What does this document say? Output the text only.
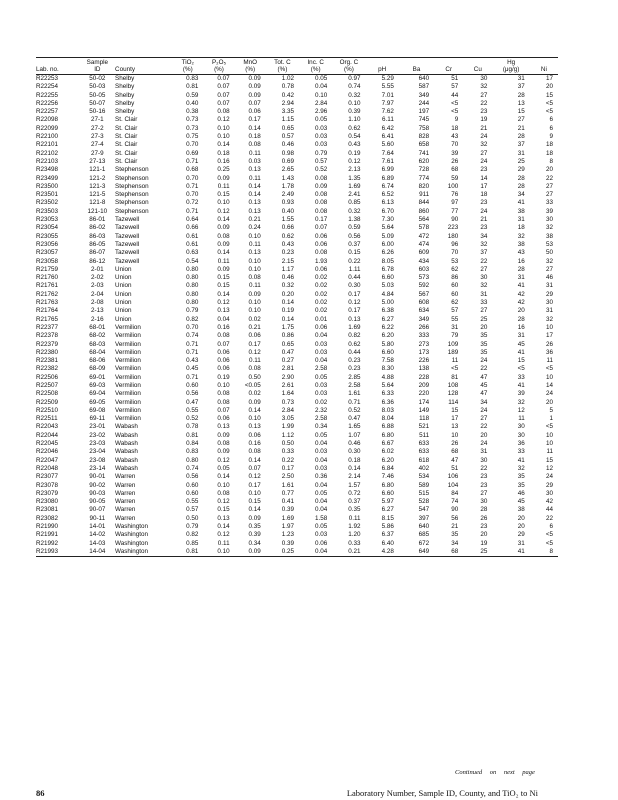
	Sample		TiO₂	P₂O₅	MnO	Tot. C	Inc. C	Org. C					Hg	
Lab. no.	ID	County	(%)	(%)	(%)	(%)	(%)	(%)	pH	Ba	Cr	Cu	(μg/g)	Ni
R22253	50-02	Shelby	0.83	0.07	0.09	1.02	0.05	0.97	5.29	640	51	30	31	17
R22254	50-03	Shelby	0.81	0.07	0.09	0.78	0.04	0.74	5.55	587	57	32	37	20
R22255	50-05	Shelby	0.59	0.07	0.09	0.42	0.10	0.32	7.01	349	44	27	28	15
R22256	50-07	Shelby	0.40	0.07	0.07	2.94	2.84	0.10	7.97	244	<5	22	13	<5
R22257	50-16	Shelby	0.38	0.08	0.06	3.35	2.96	0.39	7.62	197	<5	23	15	<5
R22098	27-1	St. Clair	0.73	0.12	0.17	1.15	0.05	1.10	6.11	745	9	19	27	6
R22099	27-2	St. Clair	0.73	0.10	0.14	0.65	0.03	0.62	6.42	758	18	21	21	6
R22100	27-3	St. Clair	0.75	0.10	0.18	0.57	0.03	0.54	6.41	828	43	24	28	9
R22101	27-4	St. Clair	0.70	0.14	0.08	0.46	0.03	0.43	5.60	658	70	32	37	18
R22102	27-9	St. Clair	0.69	0.18	0.11	0.98	0.79	0.19	7.64	741	39	27	31	18
R22103	27-13	St. Clair	0.71	0.16	0.03	0.69	0.57	0.12	7.61	620	26	24	25	8
R23498	121-1	Stephenson	0.68	0.25	0.13	2.65	0.52	2.13	6.99	728	68	23	29	20
R23499	121-2	Stephenson	0.70	0.09	0.11	1.43	0.08	1.35	6.89	774	59	14	28	22
R23500	121-3	Stephenson	0.71	0.11	0.14	1.78	0.09	1.69	6.74	820	100	17	28	27
R23501	121-5	Stephenson	0.70	0.15	0.14	2.49	0.08	2.41	6.52	911	76	18	34	27
R23502	121-8	Stephenson	0.72	0.10	0.13	0.93	0.08	0.85	6.13	844	97	23	41	33
R23503	121-10	Stephenson	0.71	0.12	0.13	0.40	0.08	0.32	6.70	860	77	24	38	39
R23053	86-01	Tazewell	0.64	0.14	0.21	1.55	0.17	1.38	7.30	564	90	21	31	30
R23054	86-02	Tazewell	0.66	0.09	0.24	0.66	0.07	0.59	5.64	578	223	23	18	32
R23055	86-03	Tazewell	0.61	0.08	0.10	0.62	0.06	0.56	5.09	472	180	34	32	38
R23056	86-05	Tazewell	0.61	0.09	0.11	0.43	0.06	0.37	6.00	474	96	32	38	53
R23057	86-07	Tazewell	0.63	0.14	0.13	0.23	0.08	0.15	6.26	609	70	37	43	50
R23058	86-12	Tazewell	0.54	0.11	0.10	2.15	1.93	0.22	8.05	434	53	22	16	32
R21759	2-01	Union	0.80	0.09	0.10	1.17	0.06	1.11	6.78	603	62	27	28	27
R21760	2-02	Union	0.80	0.15	0.08	0.46	0.02	0.44	6.60	573	86	30	31	46
R21761	2-03	Union	0.80	0.15	0.11	0.32	0.02	0.30	5.03	592	60	32	41	31
R21762	2-04	Union	0.80	0.14	0.09	0.20	0.02	0.17	4.84	567	60	31	42	29
R21763	2-08	Union	0.80	0.12	0.10	0.14	0.02	0.12	5.00	608	62	33	42	30
R21764	2-13	Union	0.79	0.13	0.10	0.19	0.02	0.17	6.38	634	57	27	20	31
R21765	2-16	Union	0.82	0.04	0.02	0.14	0.01	0.13	6.27	349	55	25	28	32
R22377	68-01	Vermilion	0.70	0.16	0.21	1.75	0.06	1.69	6.22	266	31	20	16	10
R22378	68-02	Vermilion	0.74	0.08	0.06	0.86	0.04	0.82	6.20	333	79	35	31	17
R22379	68-03	Vermilion	0.71	0.07	0.17	0.65	0.03	0.62	5.80	273	109	35	45	26
R22380	68-04	Vermilion	0.71	0.06	0.12	0.47	0.03	0.44	6.60	173	189	35	41	36
R22381	68-06	Vermilion	0.43	0.06	0.11	0.27	0.04	0.23	7.58	226	11	24	15	11
R22382	68-09	Vermilion	0.45	0.06	0.08	2.81	2.58	0.23	8.30	138	<5	22	<5	<5
R22506	69-01	Vermilion	0.71	0.19	0.50	2.90	0.05	2.85	4.88	228	81	47	33	10
R22507	69-03	Vermilion	0.60	0.10	<0.05	2.61	0.03	2.58	5.64	209	108	45	41	14
R22508	69-04	Vermilion	0.56	0.08	0.02	1.64	0.03	1.61	6.33	220	128	47	39	24
R22509	69-05	Vermilion	0.47	0.08	0.09	0.73	0.02	0.71	6.36	174	114	34	32	20
R22510	69-08	Vermilion	0.55	0.07	0.14	2.84	2.32	0.52	8.03	149	15	24	12	5
R22511	69-11	Vermilion	0.52	0.06	0.10	3.05	2.58	0.47	8.04	118	17	27	11	1
R22043	23-01	Wabash	0.78	0.13	0.13	1.99	0.34	1.65	6.88	521	13	22	30	<5
R22044	23-02	Wabash	0.81	0.09	0.06	1.12	0.05	1.07	6.80	511	10	20	30	10
R22045	23-03	Wabash	0.84	0.08	0.16	0.50	0.04	0.46	6.67	633	26	24	36	10
R22046	23-04	Wabash	0.83	0.09	0.08	0.33	0.03	0.30	6.02	633	68	31	33	11
R22047	23-08	Wabash	0.80	0.12	0.14	0.22	0.04	0.18	6.20	618	47	30	41	15
R22048	23-14	Wabash	0.74	0.05	0.07	0.17	0.03	0.14	6.84	402	51	22	32	12
R23077	90-01	Warren	0.56	0.14	0.12	2.50	0.36	2.14	7.46	534	106	23	35	24
R23078	90-02	Warren	0.60	0.10	0.17	1.61	0.04	1.57	6.80	589	104	23	35	29
R23079	90-03	Warren	0.60	0.08	0.10	0.77	0.05	0.72	6.60	515	84	27	46	30
R23080	90-05	Warren	0.55	0.12	0.15	0.41	0.04	0.37	5.97	528	74	30	45	42
R23081	90-07	Warren	0.57	0.15	0.14	0.39	0.04	0.35	6.27	547	90	28	38	44
R23082	90-11	Warren	0.50	0.13	0.09	1.69	1.58	0.11	8.15	397	56	26	20	22
R21990	14-01	Washington	0.79	0.14	0.35	1.97	0.05	1.92	5.86	640	21	23	20	6
R21991	14-02	Washington	0.82	0.12	0.39	1.23	0.03	1.20	6.37	685	35	20	29	<5
R21992	14-03	Washington	0.85	0.11	0.34	0.39	0.06	0.33	6.40	672	34	19	31	<5
R21993	14-04	Washington	0.81	0.10	0.09	0.25	0.04	0.21	4.28	649	68	25	41	8
Continued on next page
86	Laboratory Number, Sample ID, County, and TiO₂ to Ni
